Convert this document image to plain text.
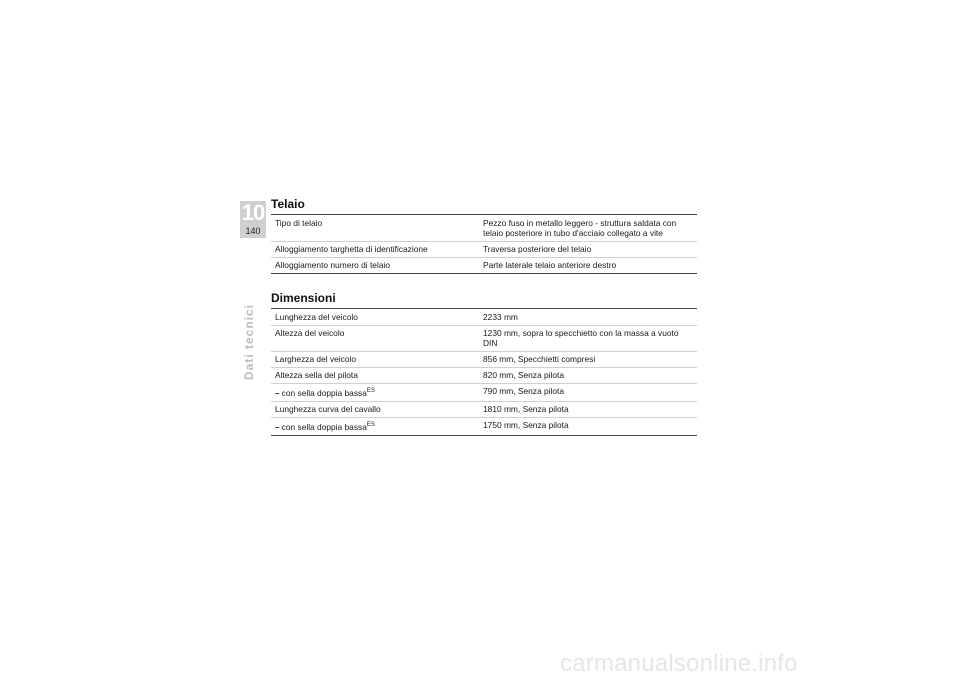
10
140
Dati tecnici
Telaio
Tipo di telaio	Pezzo fuso in metallo leggero - struttura saldata con telaio posteriore in tubo d'acciaio collegato a vite
Alloggiamento targhetta di identificazione	Traversa posteriore del telaio
Alloggiamento numero di telaio	Parte laterale telaio anteriore destro
Dimensioni
Lunghezza del veicolo	2233 mm
Altezza del veicolo	1230 mm, sopra lo specchietto con la massa a vuoto DIN
Larghezza del veicolo	856 mm, Specchietti compresi
Altezza sella del pilota	820 mm, Senza pilota
– con sella doppia bassa$^{ES}$	790 mm, Senza pilota
Lunghezza curva del cavallo	1810 mm, Senza pilota
– con sella doppia bassa$^{ES}$	1750 mm, Senza pilota
carmanualsonline.info
